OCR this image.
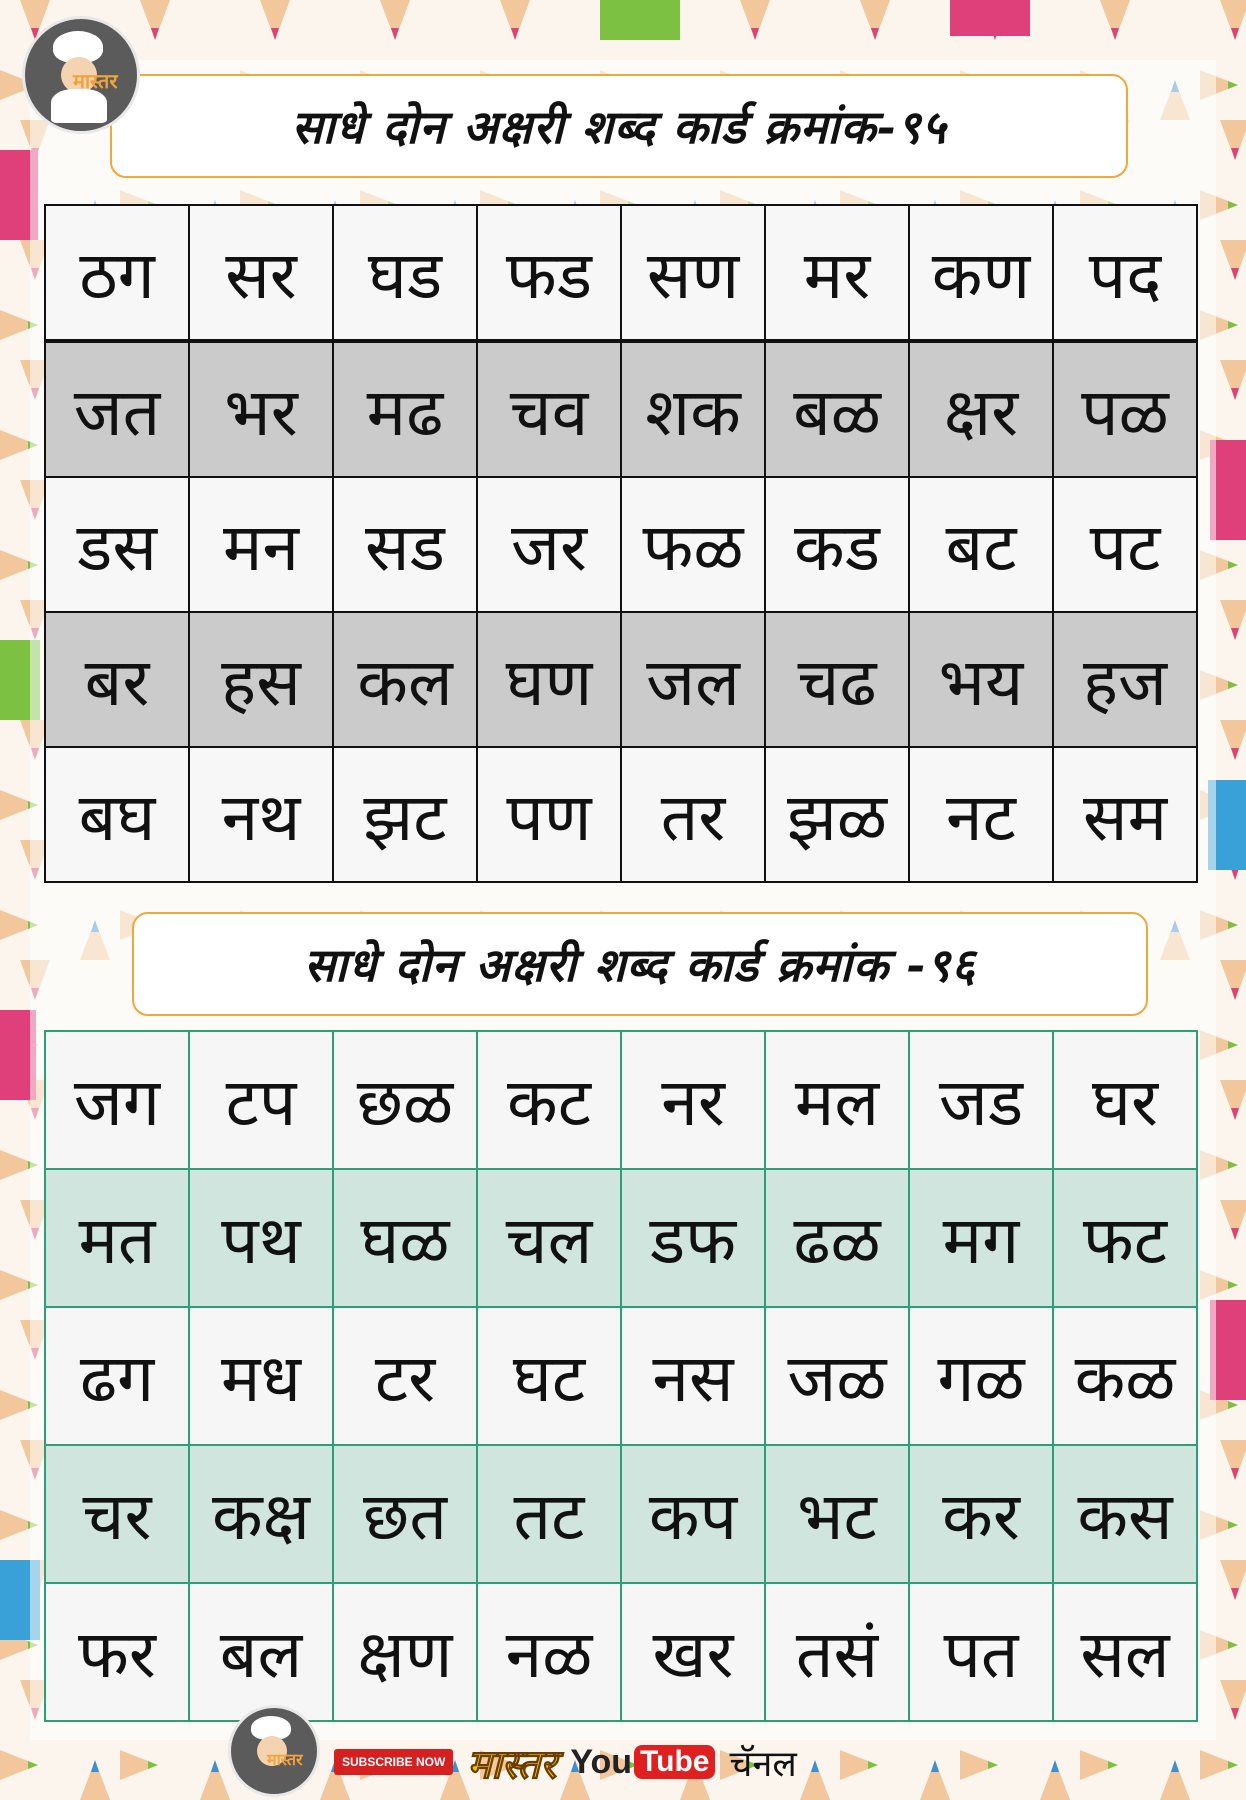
मास्तर
साधे दोन अक्षरी शब्द कार्ड क्रमांक-९५
ठग	सर	घड	फड	सण	मर	कण	पद
जत	भर	मढ	चव	शक	बळ	क्षर	पळ
डस	मन	सड	जर	फळ	कड	बट	पट
बर	हस	कल	घण	जल	चढ	भय	हज
बघ	नथ	झट	पण	तर	झळ	नट	सम
साधे दोन अक्षरी शब्द कार्ड क्रमांक -९६
जग	टप	छळ	कट	नर	मल	जड	घर
मत	पथ	घळ	चल	डफ	ढळ	मग	फट
ढग	मध	टर	घट	नस	जळ	गळ	कळ
चर	कक्ष	छत	तट	कप	भट	कर	कस
फर	बल	क्षण	नळ	खर	तसं	पत	सल
मास्तर	SUBSCRIBE NOW मास्तर You Tube चॅनल
